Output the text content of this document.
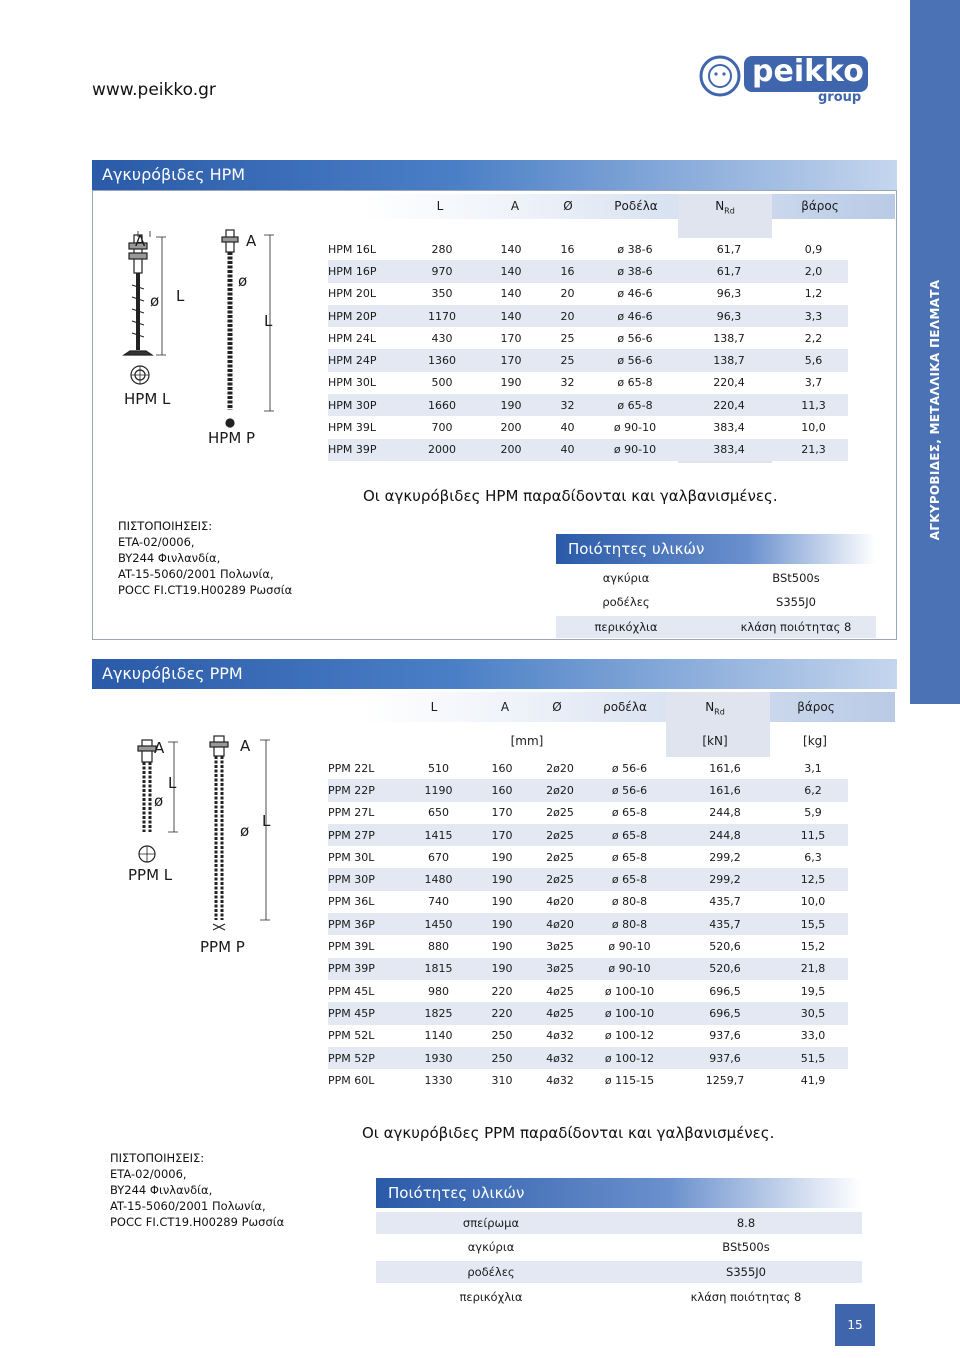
www.peikko.gr
peikko
group
ΑΓΚΥΡΟΒΙΔΕΣ, ΜΕΤΑΛΛΙΚΑ ΠΕΛΜΑΤΑ
Αγκυρόβιδες HPM
L	A	Ø	Ροδέλα	$N_{Rd}$	βάρος
HPM 16L	280	140	16	ø 38-6	61,7	0,9
HPM 16P	970	140	16	ø 38-6	61,7	2,0
HPM 20L	350	140	20	ø 46-6	96,3	1,2
HPM 20P	1170	140	20	ø 46-6	96,3	3,3
HPM 24L	430	170	25	ø 56-6	138,7	2,2
HPM 24P	1360	170	25	ø 56-6	138,7	5,6
HPM 30L	500	190	32	ø 65-8	220,4	3,7
HPM 30P	1660	190	32	ø 65-8	220,4	11,3
HPM 39L	700	200	40	ø 90-10	383,4	10,0
HPM 39P	2000	200	40	ø 90-10	383,4	21,3
A
L
ø
A
ø
L
HPM L
HPM P
ΠΙΣΤΟΠΟΙΗΣΕΙΣ:
ETA-02/0006,
BY244 Φινλανδία,
AT-15-5060/2001 Πολωνία,
POCC FI.CT19.H00289 Ρωσσία
Οι αγκυρόβιδες HPM παραδίδονται και γαλβανισμένες.
Ποιότητες υλικών
αγκύρια	BSt500s
ροδέλες	S355J0
περικόχλια	κλάση ποιότητας 8
Αγκυρόβιδες PPM
L	A	Ø	ροδέλα	$N_{Rd}$	βάρος
[mm]	[kN]	[kg]
PPM 22L	510	160	2ø20	ø 56-6	161,6	3,1
PPM 22P	1190	160	2ø20	ø 56-6	161,6	6,2
PPM 27L	650	170	2ø25	ø 65-8	244,8	5,9
PPM 27P	1415	170	2ø25	ø 65-8	244,8	11,5
PPM 30L	670	190	2ø25	ø 65-8	299,2	6,3
PPM 30P	1480	190	2ø25	ø 65-8	299,2	12,5
PPM 36L	740	190	4ø20	ø 80-8	435,7	10,0
PPM 36P	1450	190	4ø20	ø 80-8	435,7	15,5
PPM 39L	880	190	3ø25	ø 90-10	520,6	15,2
PPM 39P	1815	190	3ø25	ø 90-10	520,6	21,8
PPM 45L	980	220	4ø25	ø 100-10	696,5	19,5
PPM 45P	1825	220	4ø25	ø 100-10	696,5	30,5
PPM 52L	1140	250	4ø32	ø 100-12	937,6	33,0
PPM 52P	1930	250	4ø32	ø 100-12	937,6	51,5
PPM 60L	1330	310	4ø32	ø 115-15	1259,7	41,9
A
L
ø
A
ø
L
PPM L
PPM P
ΠΙΣΤΟΠΟΙΗΣΕΙΣ:
ETA-02/0006,
BY244 Φινλανδία,
AT-15-5060/2001 Πολωνία,
POCC FI.CT19.H00289 Ρωσσία
Οι αγκυρόβιδες PPM παραδίδονται και γαλβανισμένες.
Ποιότητες υλικών
σπείρωμα	8.8
αγκύρια	BSt500s
ροδέλες	S355J0
περικόχλια	κλάση ποιότητας 8
15
